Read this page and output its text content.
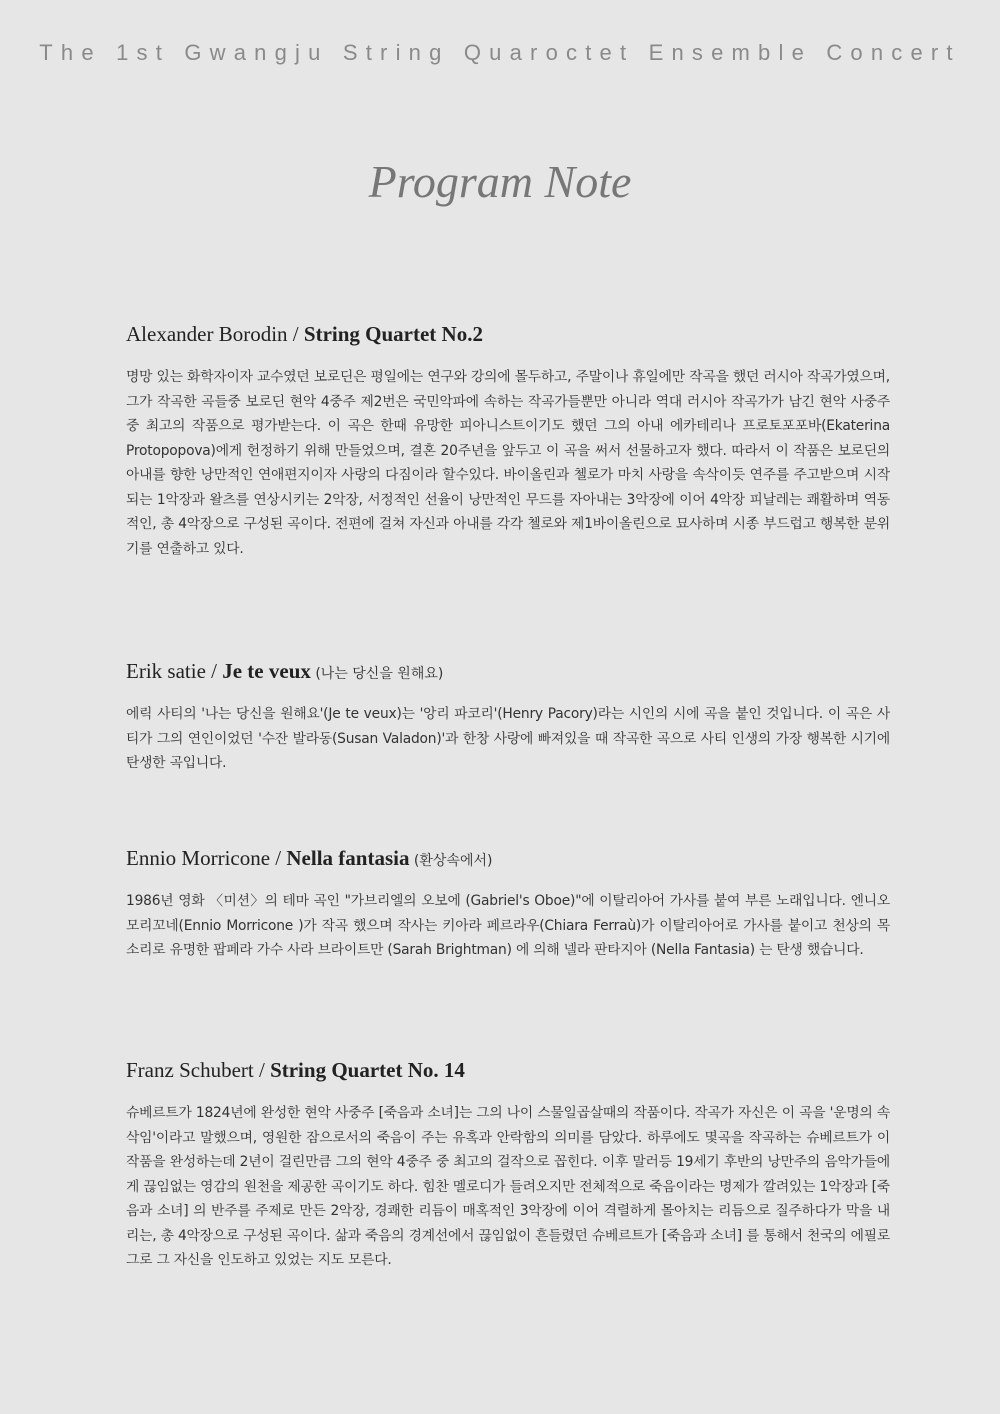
The 1st Gwangju String Quaroctet Ensemble Concert
Program Note
Alexander Borodin / String Quartet No.2

명망 있는 화학자이자 교수였던 보로딘은 평일에는 연구와 강의에 몰두하고, 주말이나 휴일에만 작곡을 했던 러시아 작곡가였으며, 그가 작곡한 곡들중 보로딘 현악 4중주 제2번은 국민악파에 속하는 작곡가들뿐만 아니라 역대 러시아 작곡가가 남긴 현악 사중주 중 최고의 작품으로 평가받는다. 이 곡은 한때 유망한 피아니스트이기도 했던 그의 아내 에카테리나 프로토포포바(Ekaterina Protopopova)에게 헌정하기 위해 만들었으며, 결혼 20주년을 앞두고 이 곡을 써서 선물하고자 했다. 따라서 이 작품은 보로딘의 아내를 향한 낭만적인 연애편지이자 사랑의 다짐이라 할수있다. 바이올린과 첼로가 마치 사랑을 속삭이듯 연주를 주고받으며 시작되는 1악장과 왈츠를 연상시키는 2악장, 서정적인 선율이 낭만적인 무드를 자아내는 3악장에 이어 4악장 피날레는 쾌활하며 역동적인, 총 4악장으로 구성된 곡이다. 전편에 걸쳐 자신과 아내를 각각 첼로와 제1바이올린으로 묘사하며 시종 부드럽고 행복한 분위기를 연출하고 있다.

Erik satie / Je te veux (나는 당신을 원해요)

에릭 사티의 '나는 당신을 원해요'(Je te veux)는 '앙리 파코리'(Henry Pacory)라는 시인의 시에 곡을 붙인 것입니다. 이 곡은 사티가 그의 연인이었던 '수잔 발라동(Susan Valadon)'과 한창 사랑에 빠져있을 때 작곡한 곡으로 사티 인생의 가장 행복한 시기에 탄생한 곡입니다.

Ennio Morricone / Nella fantasia (환상속에서)

1986년 영화 〈미션〉의 테마 곡인 "가브리엘의 오보에 (Gabriel's Oboe)"에 이탈리아어 가사를 붙여 부른 노래입니다. 엔니오 모리꼬네(Ennio Morricone )가 작곡 했으며 작사는 키아라 페르라우(Chiara Ferraù)가 이탈리아어로 가사를 붙이고 천상의 목소리로 유명한 팝페라 가수 사라 브라이트만 (Sarah Brightman) 에 의해 넬라 판타지아 (Nella Fantasia) 는 탄생 했습니다.

Franz Schubert / String Quartet No. 14

슈베르트가 1824년에 완성한 현악 사중주 [죽음과 소녀]는 그의 나이 스물일곱살때의 작품이다. 작곡가 자신은 이 곡을 '운명의 속삭임'이라고 말했으며, 영원한 잠으로서의 죽음이 주는 유혹과 안락함의 의미를 담았다. 하루에도 몇곡을 작곡하는 슈베르트가 이작품을 완성하는데 2년이 걸린만큼 그의 현악 4중주 중 최고의 걸작으로 꼽힌다. 이후 말러등 19세기 후반의 낭만주의 음악가들에게 끊임없는 영감의 원천을 제공한 곡이기도 하다. 힘찬 멜로디가 들려오지만 전체적으로 죽음이라는 명제가 깔려있는 1악장과 [죽음과 소녀] 의 반주를 주제로 만든 2악장, 경쾌한 리듬이 매혹적인 3악장에 이어 격렬하게 몰아치는 리듬으로 질주하다가 막을 내리는, 총 4악장으로 구성된 곡이다. 삶과 죽음의 경계선에서 끊임없이 흔들렸던 슈베르트가 [죽음과 소녀] 를 통해서 천국의 에필로그로 그 자신을 인도하고 있었는 지도 모른다.
